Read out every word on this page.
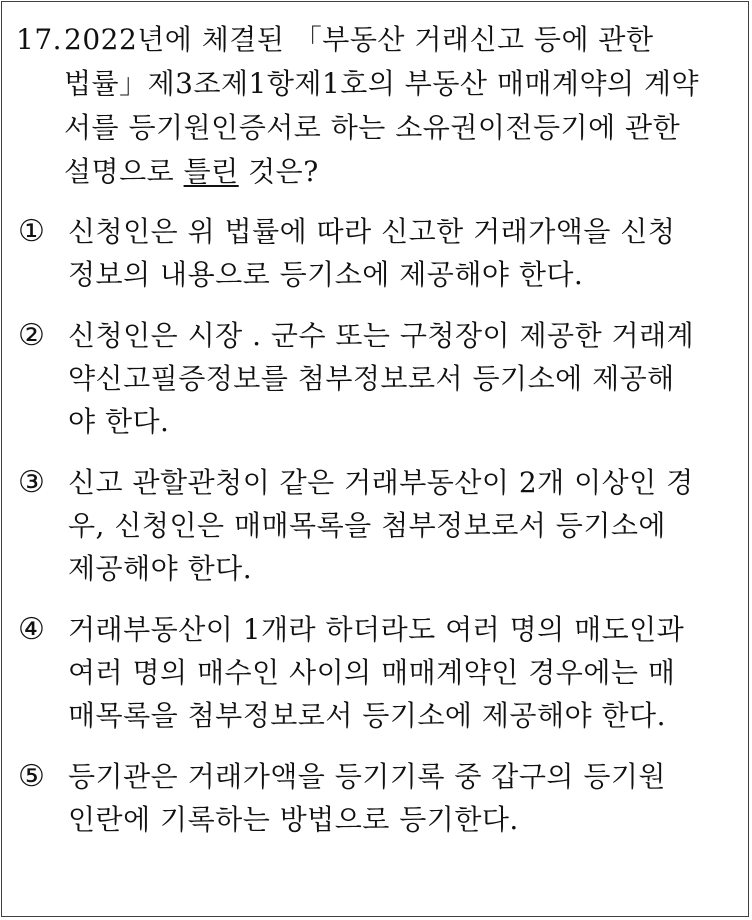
17.2022년에 체결된 「부동산 거래신고 등에 관한
법률」제3조제1항제1호의 부동산 매매계약의 계약
서를 등기원인증서로 하는 소유권이전등기에 관한
설명으로 틀린 것은?
① 신청인은 위 법률에 따라 신고한 거래가액을 신청
정보의 내용으로 등기소에 제공해야 한다.
② 신청인은 시장 . 군수 또는 구청장이 제공한 거래계
약신고필증정보를 첨부정보로서 등기소에 제공해
야 한다.
③ 신고 관할관청이 같은 거래부동산이 2개 이상인 경
우, 신청인은 매매목록을 첨부정보로서 등기소에
제공해야 한다.
④ 거래부동산이 1개라 하더라도 여러 명의 매도인과
여러 명의 매수인 사이의 매매계약인 경우에는 매
매목록을 첨부정보로서 등기소에 제공해야 한다.
⑤ 등기관은 거래가액을 등기기록 중 갑구의 등기원
인란에 기록하는 방법으로 등기한다.
